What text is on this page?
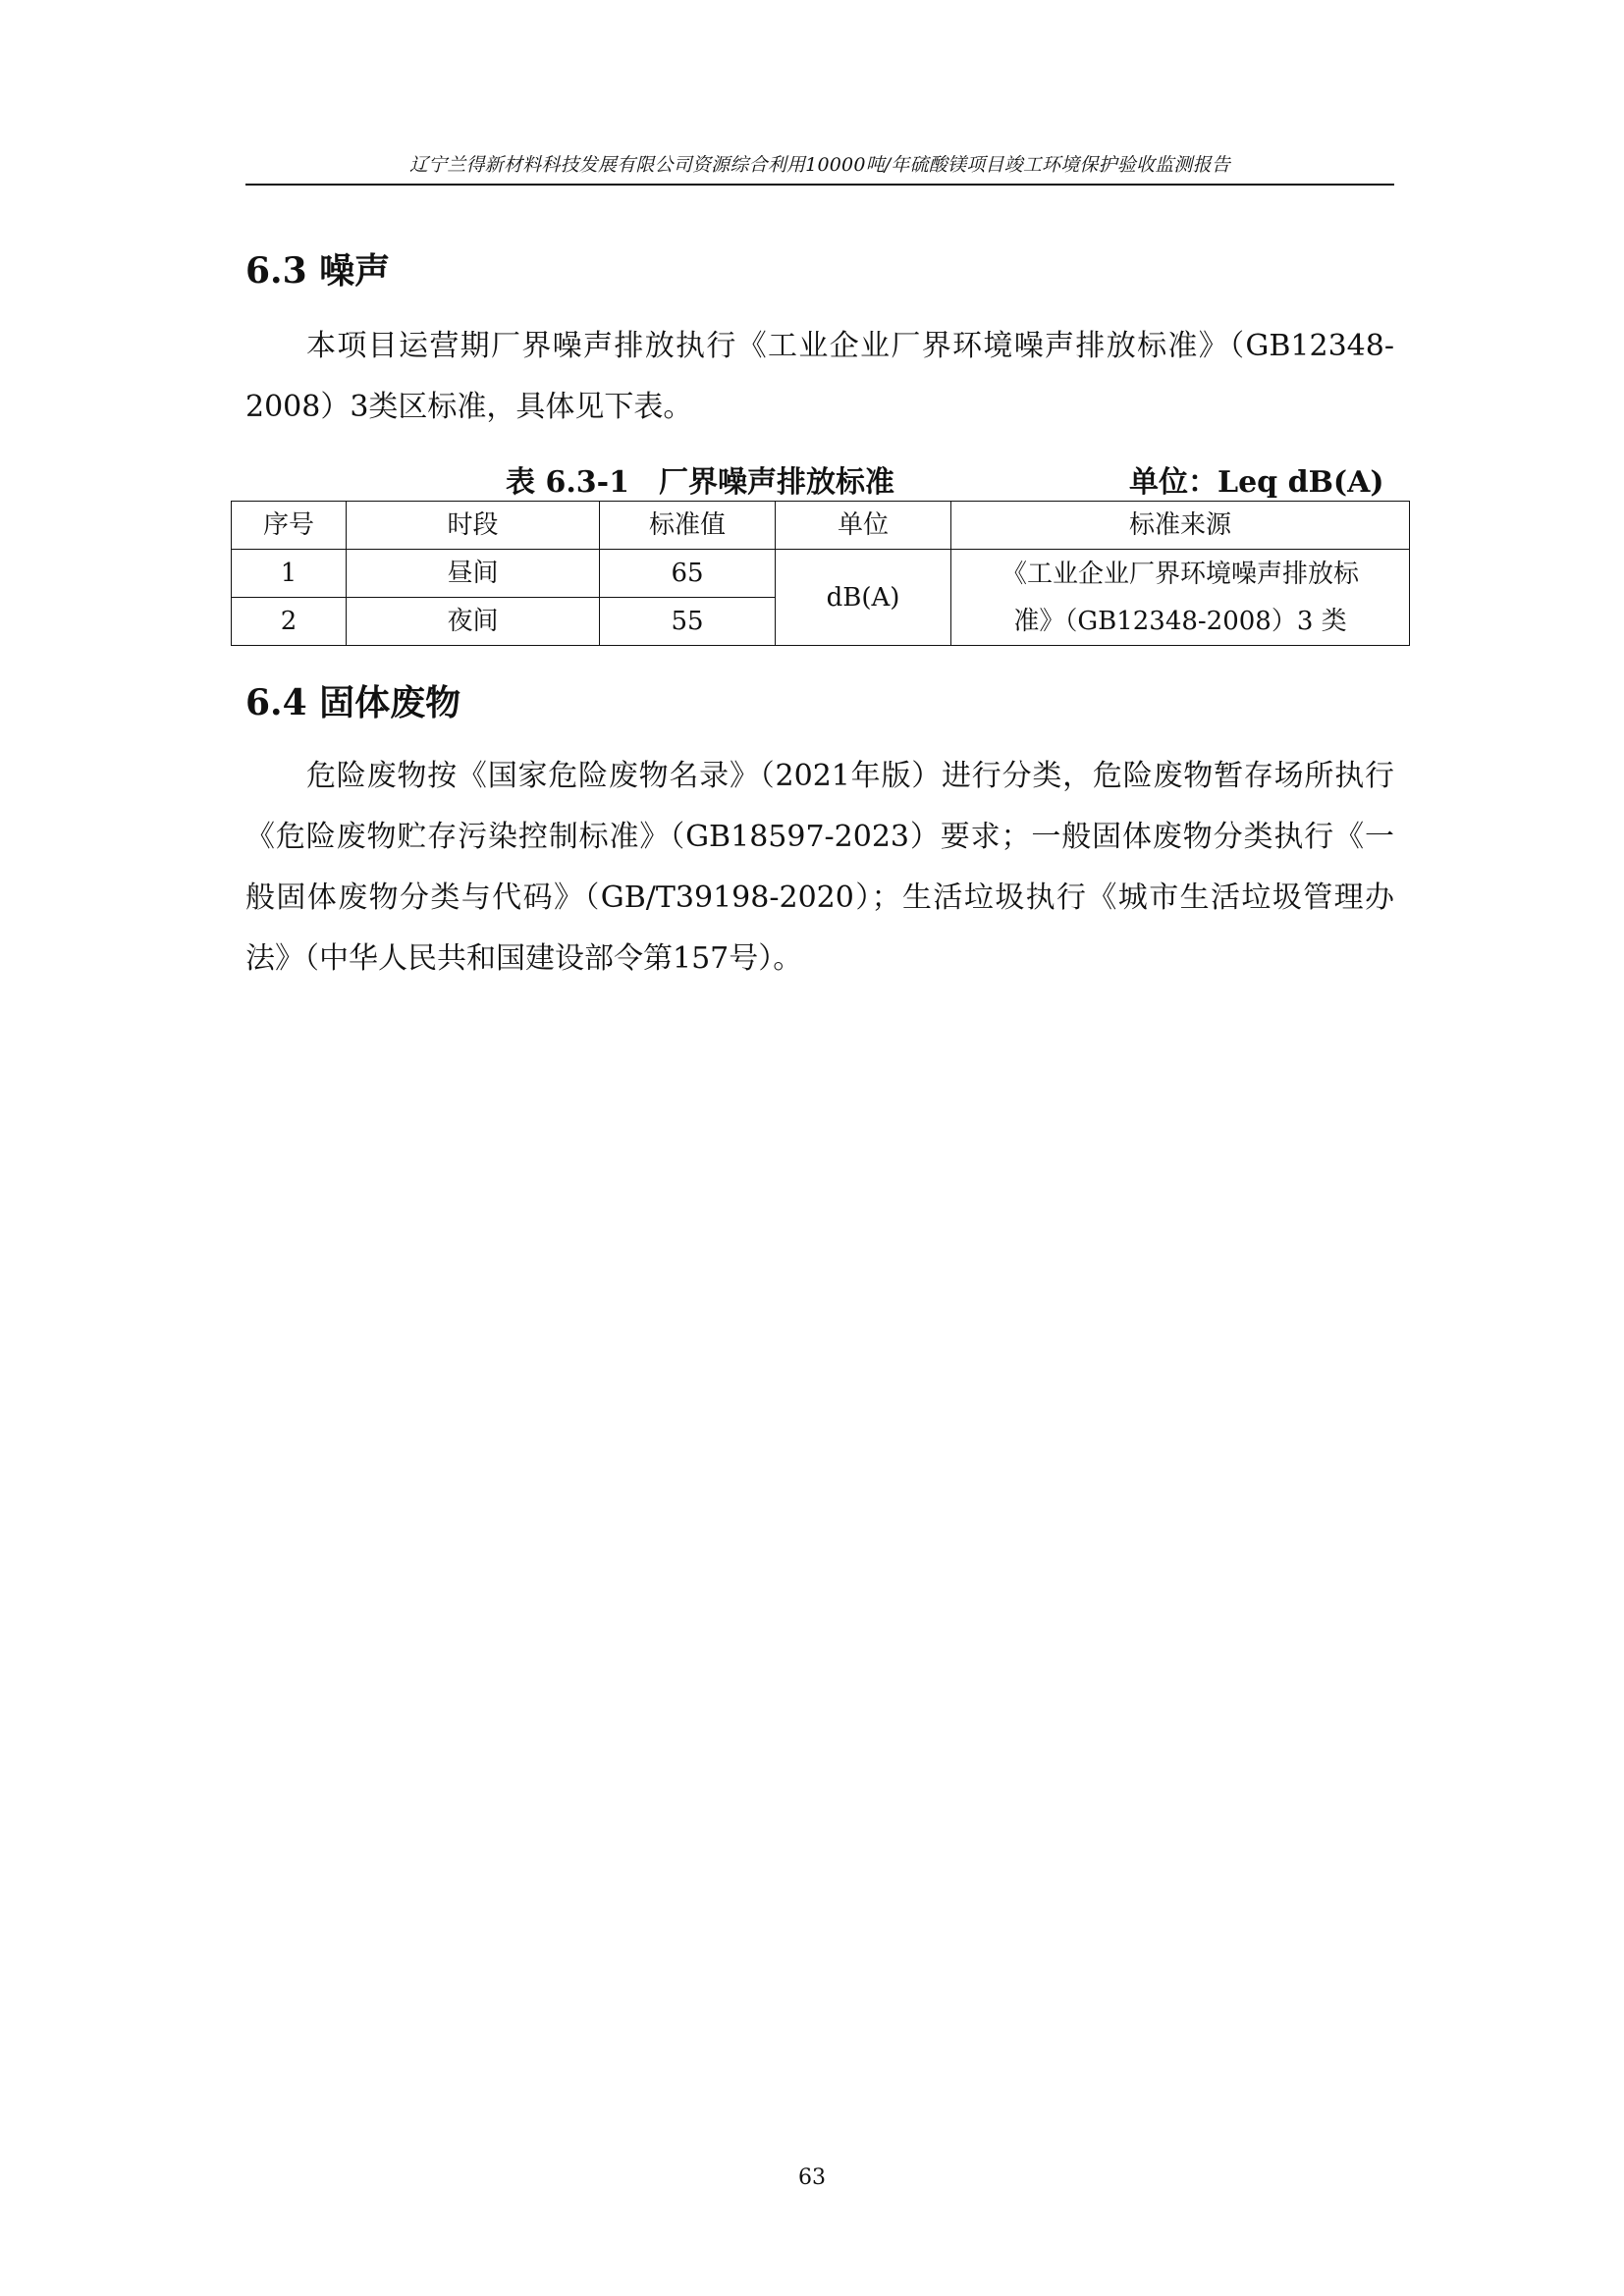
辽宁兰得新材料科技发展有限公司资源综合利用10000吨/年硫酸镁项目竣工环境保护验收监测报告
6.3 噪声

本项目运营期厂界噪声排放执行《工业企业厂界环境噪声排放标准》（GB12348-2008）3类区标准，具体见下表。

表 6.3-1　厂界噪声排放标准	单位：Leq dB(A)
序号	时段	标准值	单位	标准来源
1	昼间	65	dB(A)	《工业企业厂界环境噪声排放标
准》（GB12348-2008）3 类

2	夜间	55		
6.4 固体废物

危险废物按《国家危险废物名录》（2021年版）进行分类，危险废物暂存场所执行《危险废物贮存污染控制标准》（GB18597-2023）要求；一般固体废物分类执行《一般固体废物分类与代码》（GB/T39198-2020）；生活垃圾执行《城市生活垃圾管理办法》（中华人民共和国建设部令第157号）。

63
